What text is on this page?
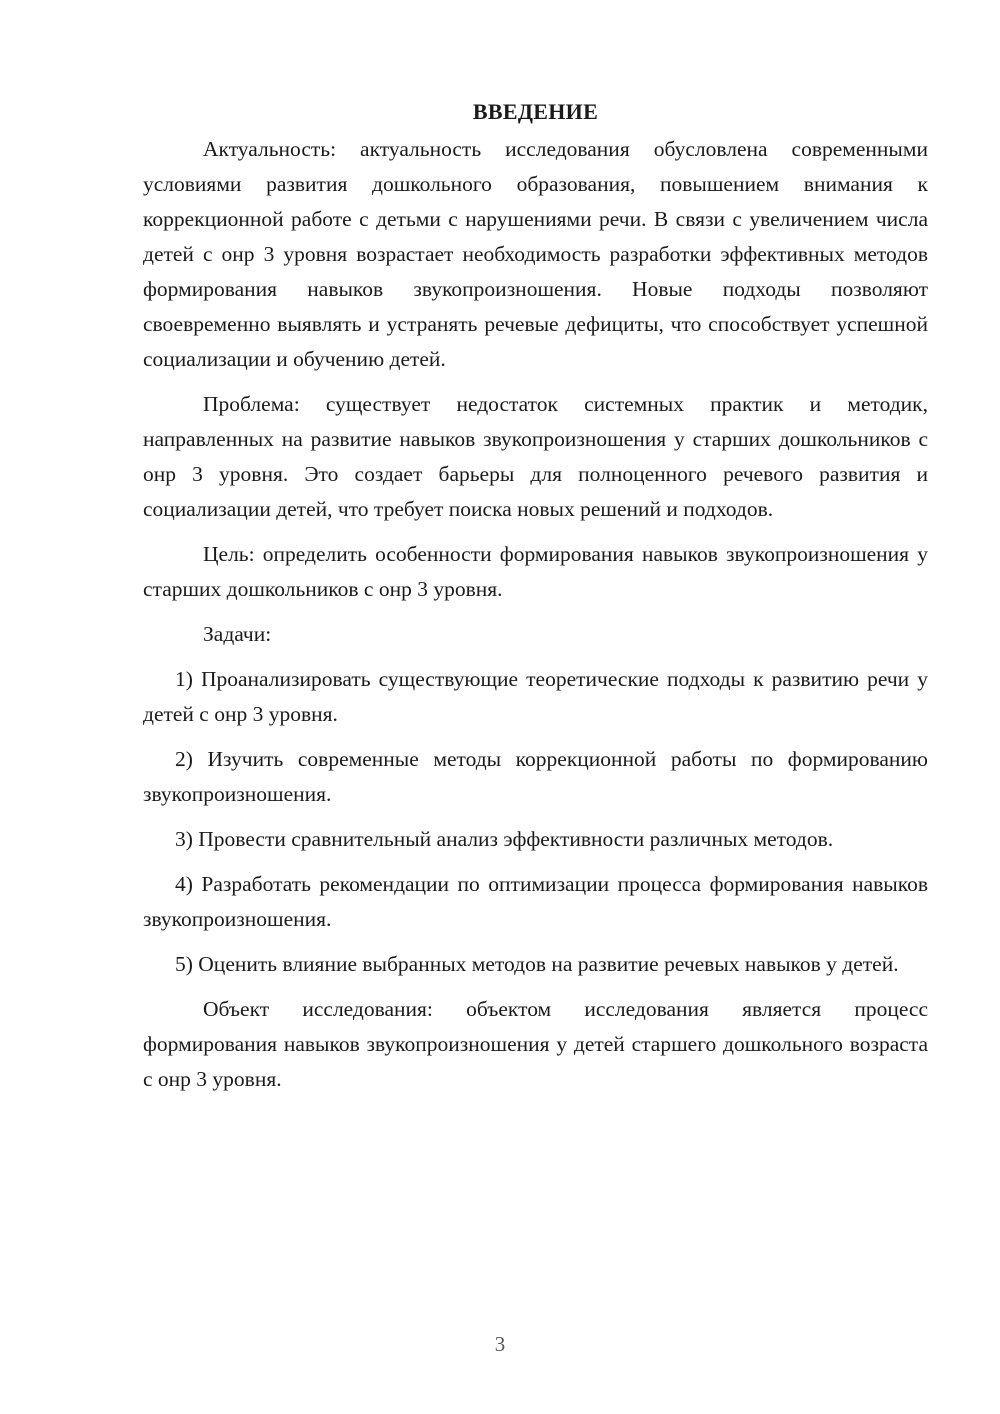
ВВЕДЕНИЕ

Актуальность: актуальность исследования обусловлена современными условиями развития дошкольного образования, повышением внимания к коррекционной работе с детьми с нарушениями речи. В связи с увеличением числа детей с онр 3 уровня возрастает необходимость разработки эффективных методов формирования навыков звукопроизношения. Новые подходы позволяют своевременно выявлять и устранять речевые дефициты, что способствует успешной социализации и обучению детей.

Проблема: существует недостаток системных практик и методик, направленных на развитие навыков звукопроизношения у старших дошкольников с онр 3 уровня. Это создает барьеры для полноценного речевого развития и социализации детей, что требует поиска новых решений и подходов.

Цель: определить особенности формирования навыков звукопроизношения у старших дошкольников с онр 3 уровня.

Задачи:

1) Проанализировать существующие теоретические подходы к развитию речи у детей с онр 3 уровня.

2) Изучить современные методы коррекционной работы по формированию звукопроизношения.

3) Провести сравнительный анализ эффективности различных методов.

4) Разработать рекомендации по оптимизации процесса формирования навыков звукопроизношения.

5) Оценить влияние выбранных методов на развитие речевых навыков у детей.

Объект исследования: объектом исследования является процесс формирования навыков звукопроизношения у детей старшего дошкольного возраста с онр 3 уровня.

3
